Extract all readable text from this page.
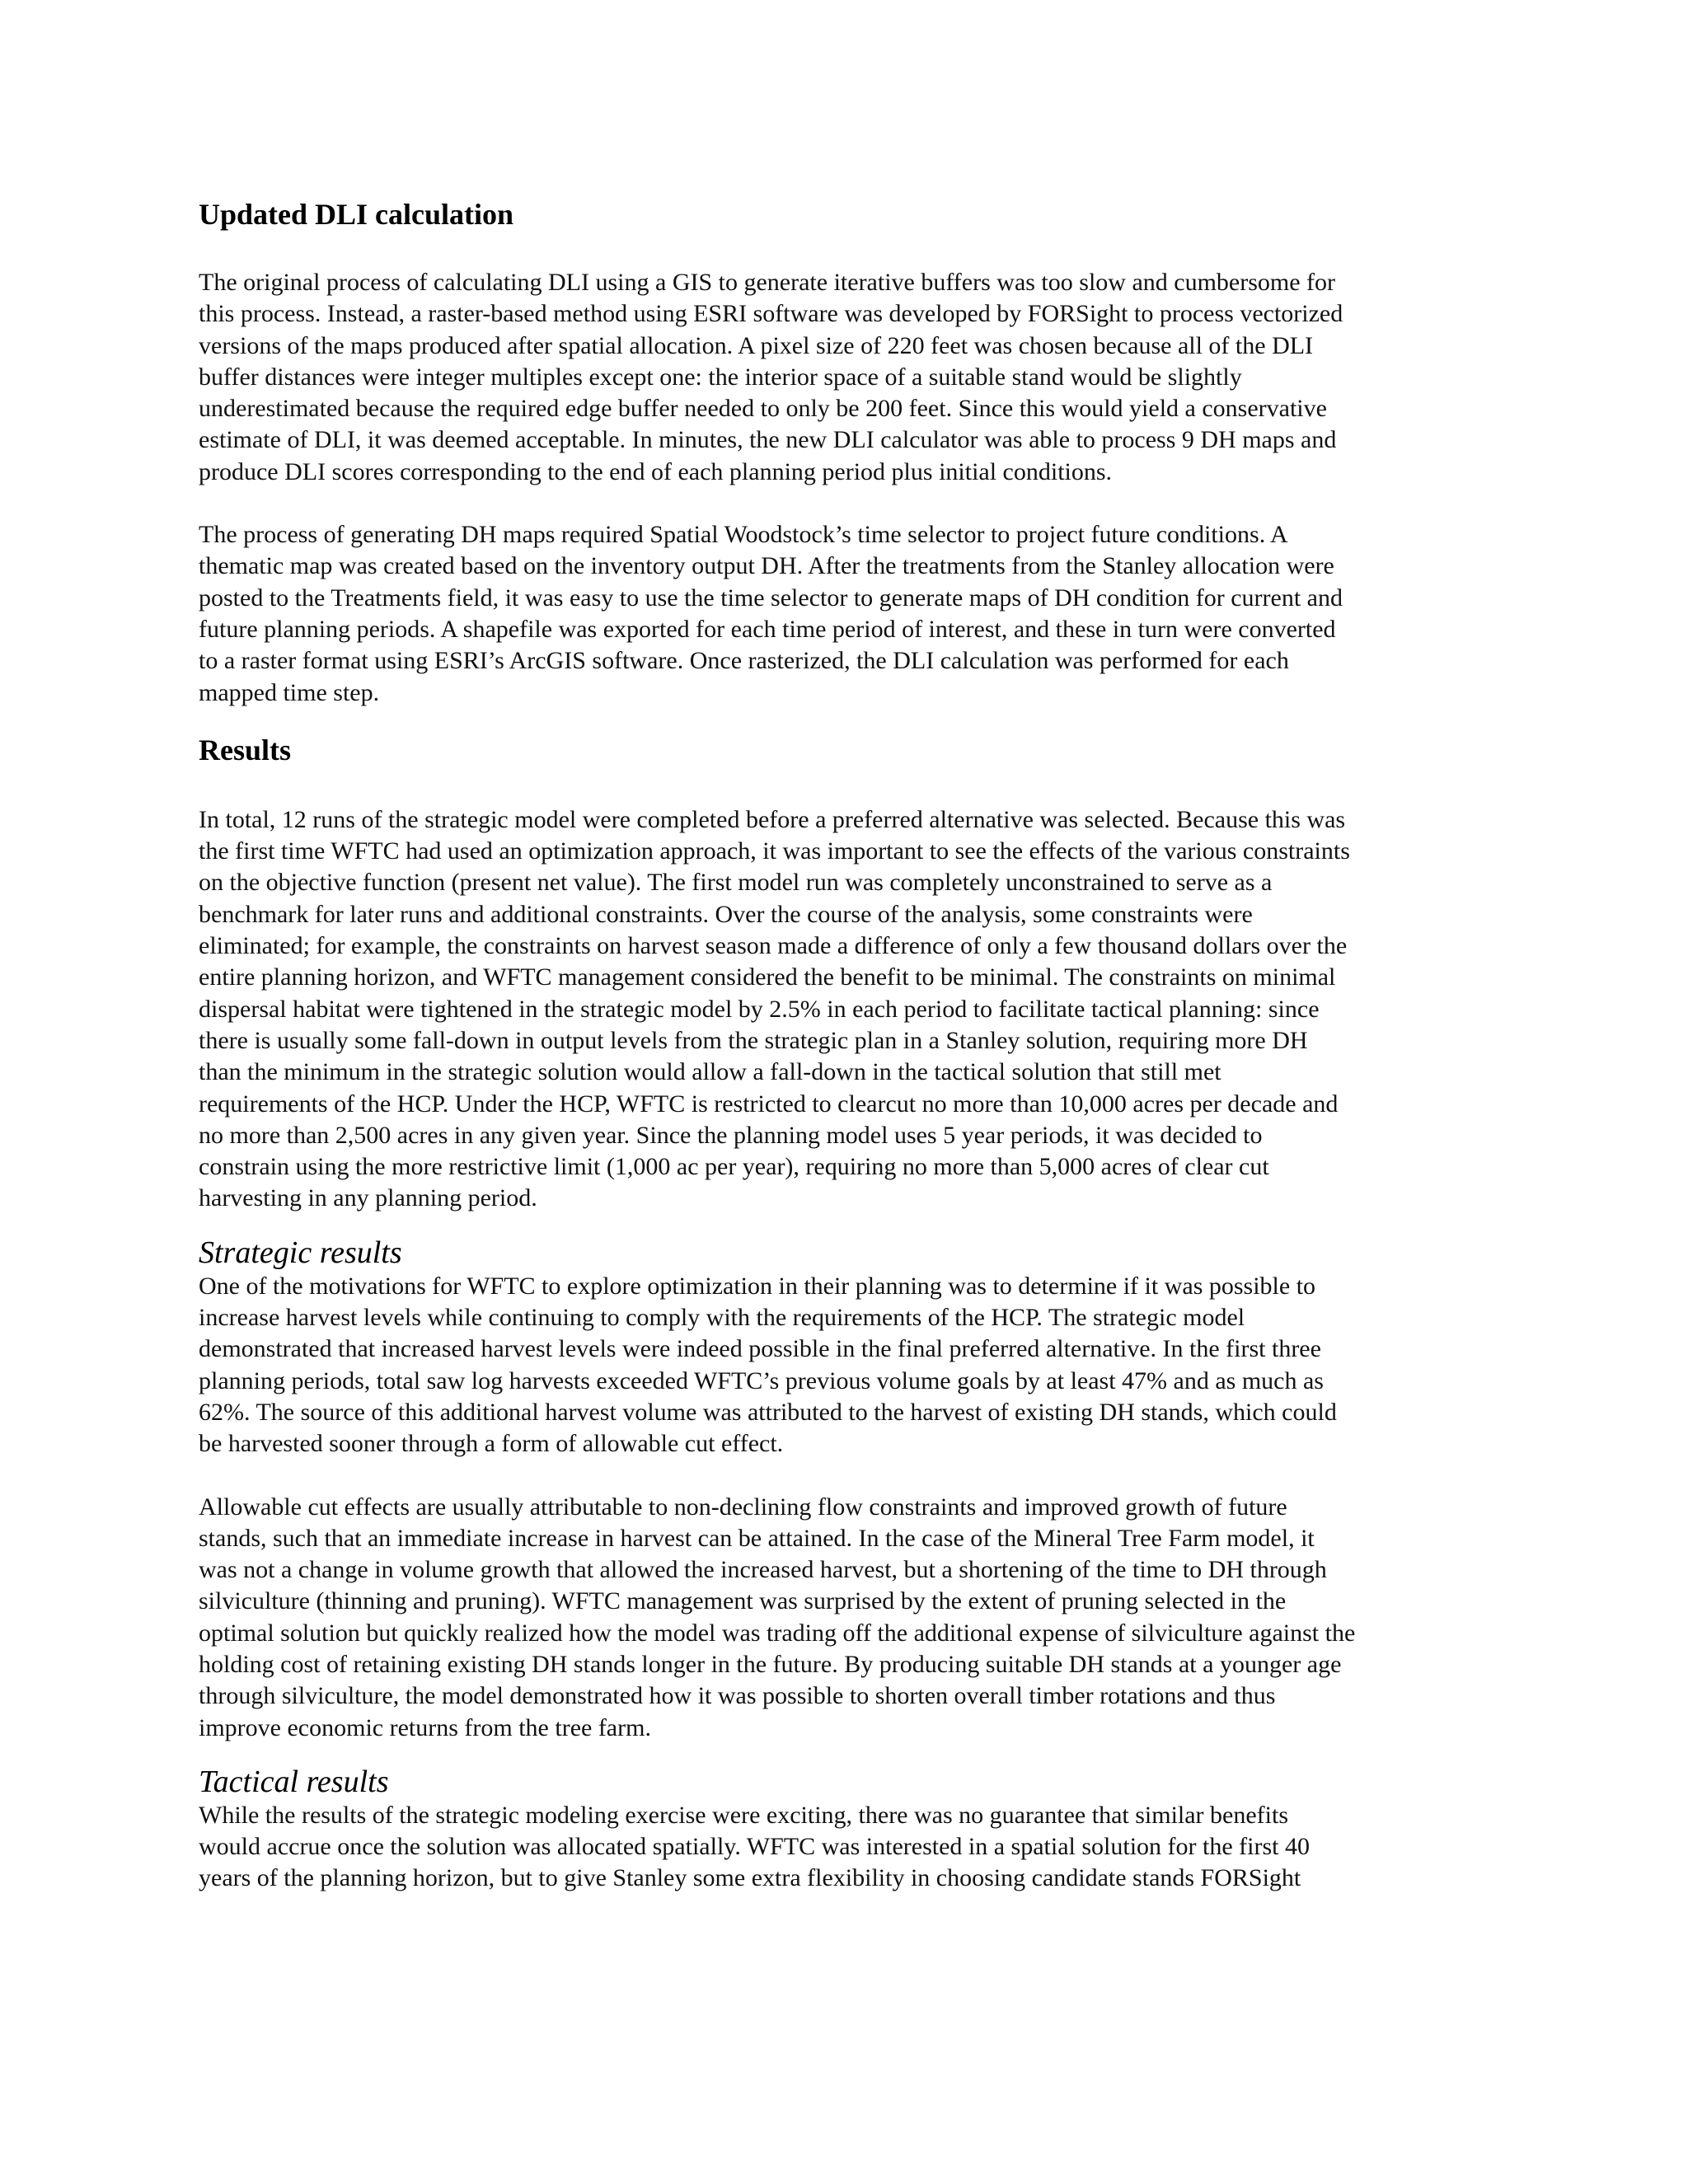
Updated DLI calculation

The original process of calculating DLI using a GIS to generate iterative buffers was too slow and cumbersome for
this process. Instead, a raster-based method using ESRI software was developed by FORSight to process vectorized
versions of the maps produced after spatial allocation. A pixel size of 220 feet was chosen because all of the DLI
buffer distances were integer multiples except one: the interior space of a suitable stand would be slightly
underestimated because the required edge buffer needed to only be 200 feet. Since this would yield a conservative
estimate of DLI, it was deemed acceptable. In minutes, the new DLI calculator was able to process 9 DH maps and
produce DLI scores corresponding to the end of each planning period plus initial conditions.

The process of generating DH maps required Spatial Woodstock’s time selector to project future conditions. A
thematic map was created based on the inventory output DH. After the treatments from the Stanley allocation were
posted to the Treatments field, it was easy to use the time selector to generate maps of DH condition for current and
future planning periods. A shapefile was exported for each time period of interest, and these in turn were converted
to a raster format using ESRI’s ArcGIS software. Once rasterized, the DLI calculation was performed for each
mapped time step.

Results

In total, 12 runs of the strategic model were completed before a preferred alternative was selected. Because this was
the first time WFTC had used an optimization approach, it was important to see the effects of the various constraints
on the objective function (present net value). The first model run was completely unconstrained to serve as a
benchmark for later runs and additional constraints. Over the course of the analysis, some constraints were
eliminated; for example, the constraints on harvest season made a difference of only a few thousand dollars over the
entire planning horizon, and WFTC management considered the benefit to be minimal. The constraints on minimal
dispersal habitat were tightened in the strategic model by 2.5% in each period to facilitate tactical planning: since
there is usually some fall-down in output levels from the strategic plan in a Stanley solution, requiring more DH
than the minimum in the strategic solution would allow a fall-down in the tactical solution that still met
requirements of the HCP. Under the HCP, WFTC is restricted to clearcut no more than 10,000 acres per decade and
no more than 2,500 acres in any given year. Since the planning model uses 5 year periods, it was decided to
constrain using the more restrictive limit (1,000 ac per year), requiring no more than 5,000 acres of clear cut
harvesting in any planning period.

Strategic results

One of the motivations for WFTC to explore optimization in their planning was to determine if it was possible to
increase harvest levels while continuing to comply with the requirements of the HCP. The strategic model
demonstrated that increased harvest levels were indeed possible in the final preferred alternative. In the first three
planning periods, total saw log harvests exceeded WFTC’s previous volume goals by at least 47% and as much as
62%. The source of this additional harvest volume was attributed to the harvest of existing DH stands, which could
be harvested sooner through a form of allowable cut effect.

Allowable cut effects are usually attributable to non-declining flow constraints and improved growth of future
stands, such that an immediate increase in harvest can be attained. In the case of the Mineral Tree Farm model, it
was not a change in volume growth that allowed the increased harvest, but a shortening of the time to DH through
silviculture (thinning and pruning). WFTC management was surprised by the extent of pruning selected in the
optimal solution but quickly realized how the model was trading off the additional expense of silviculture against the
holding cost of retaining existing DH stands longer in the future. By producing suitable DH stands at a younger age
through silviculture, the model demonstrated how it was possible to shorten overall timber rotations and thus
improve economic returns from the tree farm.

Tactical results

While the results of the strategic modeling exercise were exciting, there was no guarantee that similar benefits
would accrue once the solution was allocated spatially. WFTC was interested in a spatial solution for the first 40
years of the planning horizon, but to give Stanley some extra flexibility in choosing candidate stands FORSight
